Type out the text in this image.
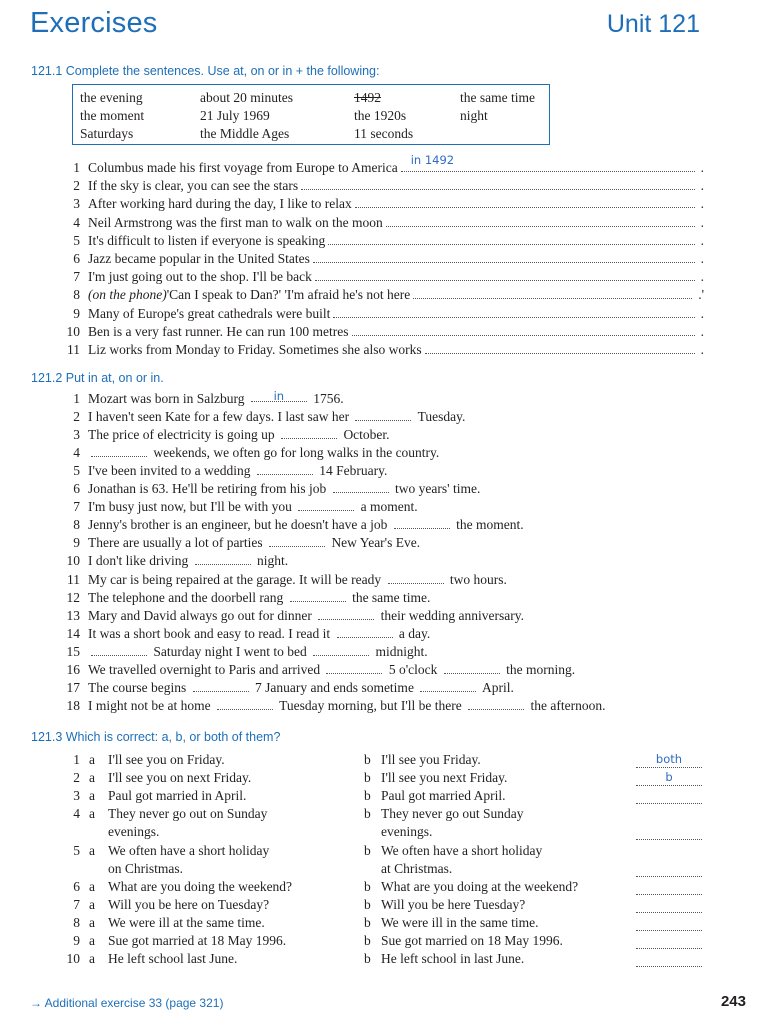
Exercises	Unit 121
121.1 Complete the sentences. Use at, on or in + the following:
the evening	about 20 minutes	1492	the same time
the moment	21 July 1969	the 1920s	night
Saturdays	the Middle Ages	11 seconds
1 Columbus made his first voyage from Europe to America in 1492	.
2 If the sky is clear, you can see the stars	.
3 After working hard during the day, I like to relax	.
4 Neil Armstrong was the first man to walk on the moon	.
5 It's difficult to listen if everyone is speaking	.
6 Jazz became popular in the United States	.
7 I'm just going out to the shop. I'll be back	.
8 (on the phone) 'Can I speak to Dan?' 'I'm afraid he's not here	.'
9 Many of Europe's great cathedrals were built	.
10 Ben is a very fast runner. He can run 100 metres	.
11 Liz works from Monday to Friday. Sometimes she also works	.
121.2 Put in at, on or in.
1 Mozart was born in Salzburg	in	1756.
2 I haven't seen Kate for a few days. I last saw her	Tuesday.
3 The price of electricity is going up	October.
4	weekends, we often go for long walks in the country.
5 I've been invited to a wedding	14 February.
6 Jonathan is 63. He'll be retiring from his job	two years' time.
7 I'm busy just now, but I'll be with you	a moment.
8 Jenny's brother is an engineer, but he doesn't have a job	the moment.
9 There are usually a lot of parties	New Year's Eve.
10 I don't like driving	night.
11 My car is being repaired at the garage. It will be ready	two hours.
12 The telephone and the doorbell rang	the same time.
13 Mary and David always go out for dinner	their wedding anniversary.
14 It was a short book and easy to read. I read it	a day.
15	Saturday night I went to bed	midnight.
16 We travelled overnight to Paris and arrived	5 o'clock	the morning.
17 The course begins	7 January and ends sometime	April.
18 I might not be at home	Tuesday morning, but I'll be there	the afternoon.
121.3 Which is correct: a, b, or both of them?
1 a I'll see you on Friday.	b I'll see you Friday.	both
2 a I'll see you on next Friday.	b I'll see you next Friday.	b
3 a Paul got married in April.	b Paul got married April.
4 a They never go out on Sunday
evenings.
b They never go out Sunday
evenings.
5 a We often have a short holiday
on Christmas.
b We often have a short holiday
at Christmas.
6 a What are you doing the weekend?	b What are you doing at the weekend?
7 a Will you be here on Tuesday?	b Will you be here Tuesday?
8 a We were ill at the same time.	b We were ill in the same time.
9 a Sue got married at 18 May 1996.	b Sue got married on 18 May 1996.
10 a He left school last June.	b He left school in last June.
→ Additional exercise 33 (page 321)	243
